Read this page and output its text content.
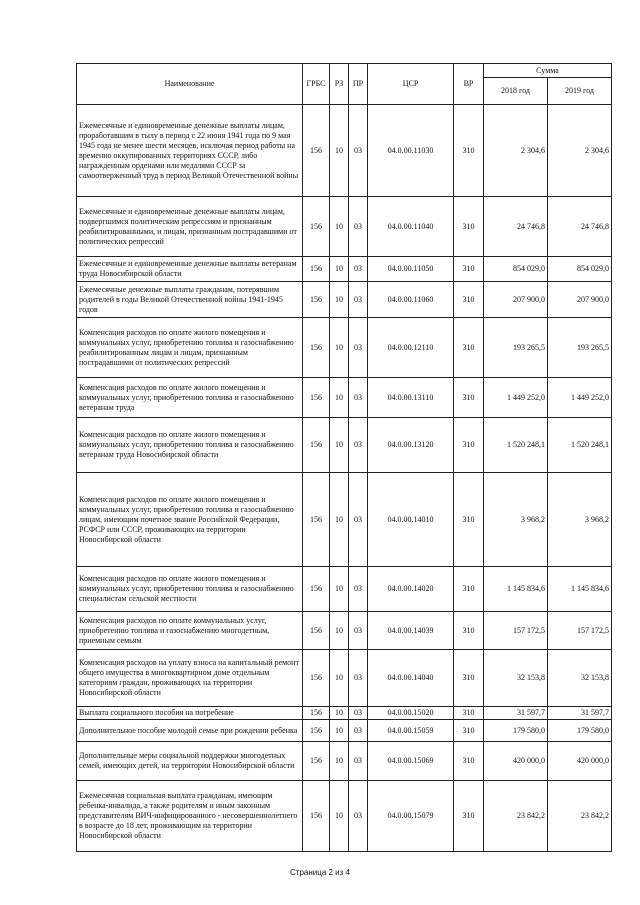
Наименование	ГРБС	РЗ	ПР	ЦСР	ВР	Сумма	
						2018 год	2019 год
Ежемесячные и единовременные денежные выплаты лицам, проработавшим в тылу в период с 22 июня 1941 года по 9 мая 1945 года не менее шести месяцев, исключая период работы на временно оккупированных территориях СССР, либо награжденным орденами или медалями СССР за самоотверженный труд в период Великой Отечественной войны	156	10	03	04.0.00.11030	310	2 304,6	2 304,6
Ежемесячные и единовременные денежные выплаты лицам, подвергшимся политическим репрессиям и признанным реабилитированными, и лицам, признанным пострадавшими от политических репрессий	156	10	03	04.0.00.11040	310	24 746,8	24 746,8
Ежемесячные и единовременные денежные выплаты ветеранам труда Новосибирской области	156	10	03	04.0.00.11050	310	854 029,0	854 029,0
Ежемесячные денежные выплаты гражданам, потерявшим родителей в годы Великой Отечественной войны 1941-1945 годов	156	10	03	04.0.00.11060	310	207 900,0	207 900,0
Компенсация расходов по оплате жилого помещения и коммунальных услуг, приобретению топлива и газоснабжению реабилитированным лицам и лицам, признанным пострадавшими от политических репрессий	156	10	03	04.0.00.12110	310	193 265,5	193 265,5
Компенсация расходов по оплате жилого помещения и коммунальных услуг, приобретению топлива и газоснабжению ветеранам труда	156	10	03	04.0.00.13110	310	1 449 252,0	1 449 252,0
Компенсация расходов по оплате жилого помещения и коммунальных услуг, приобретению топлива и газоснабжению ветеранам труда Новосибирской области	156	10	03	04.0.00.13120	310	1 520 248,1	1 520 248,1
Компенсация расходов по оплате жилого помещения и коммунальных услуг, приобретению топлива и газоснабжению лицам, имеющим почетное звание Российской Федерации, РСФСР или СССР, проживающих на территории Новосибирской области	156	10	03	04.0.00.14010	310	3 968,2	3 968,2
Компенсация расходов по оплате жилого помещения и коммунальных услуг, приобретению топлива и газоснабжению специалистам сельской местности	156	10	03	04.0.00.14020	310	1 145 834,6	1 145 834,6
Компенсация расходов по оплате коммунальных услуг, приобретению топлива и газоснабжению многодетным, приемным семьям	156	10	03	04.0.00.14039	310	157 172,5	157 172,5
Компенсация расходов на уплату взноса на капитальный ремонт общего имущества в многоквартирном доме отдельным категориям граждан, проживающих на территории Новосибирской области	156	10	03	04.0.00.14040	310	32 153,8	32 153,8
Выплата социального пособия на погребение	156	10	03	04.0.00.15020	310	31 597,7	31 597,7
Дополнительное пособие молодой семье при рождении ребенка	156	10	03	04.0.00.15059	310	179 580,0	179 580,0
Дополнительные меры социальной поддержки многодетных семей, имеющих детей, на территории Новосибирской области	156	10	03	04.0.00.15069	310	420 000,0	420 000,0
Ежемесячная социальная выплата гражданам, имеющим ребенка-инвалида, а также родителям и иным законным представителям ВИЧ-инфицированного - несовершеннолетнего в возрасте до 18 лет, проживающим на территории Новосибирской области	156	10	03	04.0.00.15079	310	23 842,2	23 842,2
Страница 2 из 4
